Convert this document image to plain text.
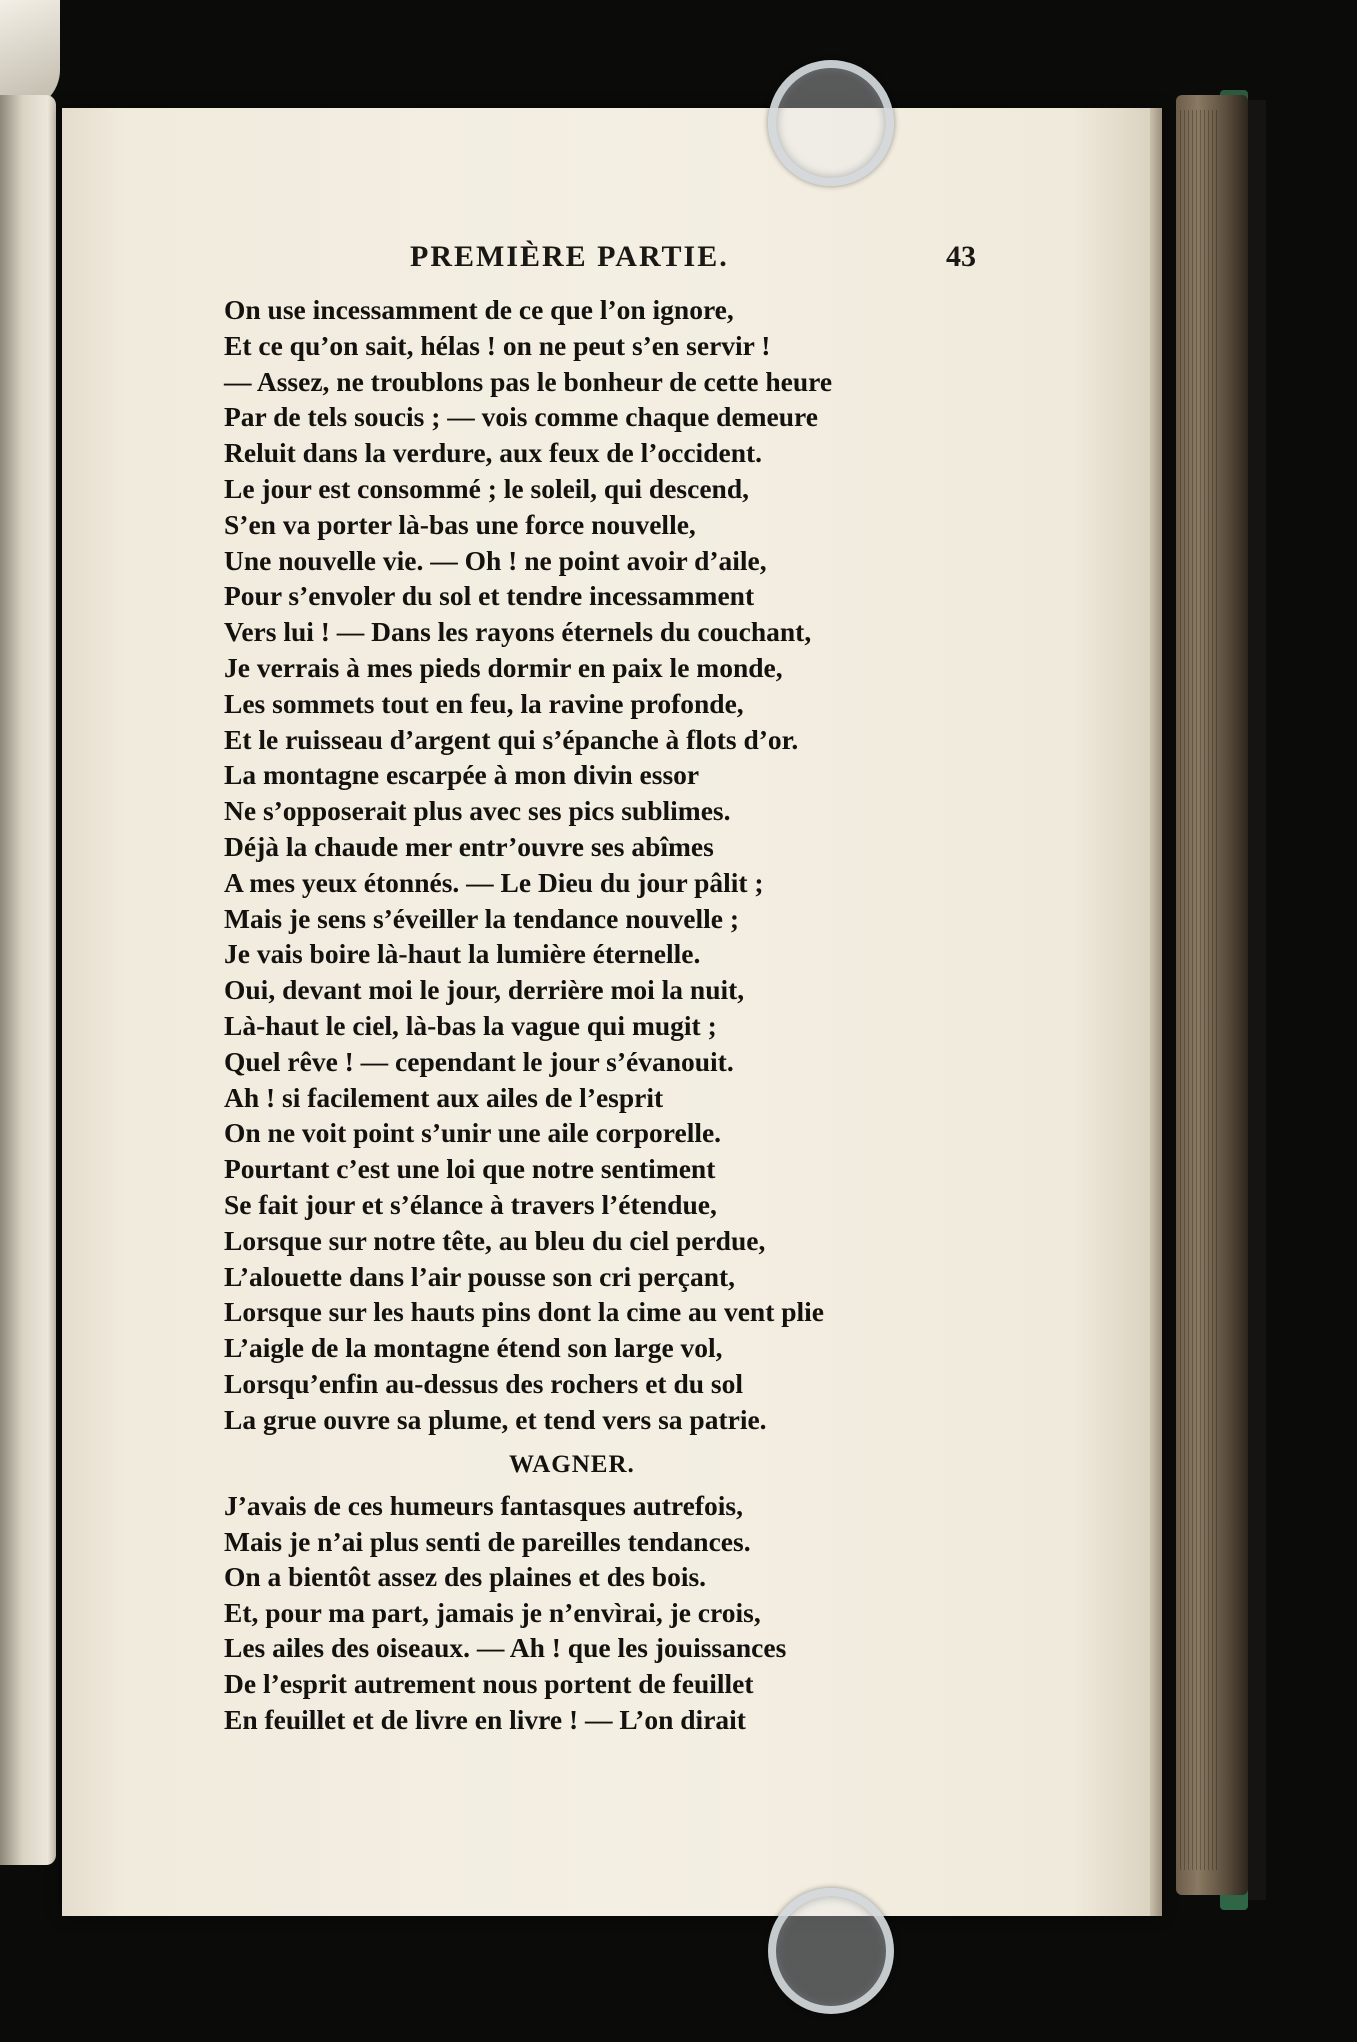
PREMIÈRE PARTIE.	43
On use incessamment de ce que l’on ignore,
Et ce qu’on sait, hélas ! on ne peut s’en servir !
— Assez, ne troublons pas le bonheur de cette heure
Par de tels soucis ; — vois comme chaque demeure
Reluit dans la verdure, aux feux de l’occident.
Le jour est consommé ; le soleil, qui descend,
S’en va porter là-bas une force nouvelle,
Une nouvelle vie. — Oh ! ne point avoir d’aile,
Pour s’envoler du sol et tendre incessamment
Vers lui ! — Dans les rayons éternels du couchant,
Je verrais à mes pieds dormir en paix le monde,
Les sommets tout en feu, la ravine profonde,
Et le ruisseau d’argent qui s’épanche à flots d’or.
La montagne escarpée à mon divin essor
Ne s’opposerait plus avec ses pics sublimes.
Déjà la chaude mer entr’ouvre ses abîmes
A mes yeux étonnés. — Le Dieu du jour pâlit ;
Mais je sens s’éveiller la tendance nouvelle ;
Je vais boire là-haut la lumière éternelle.
Oui, devant moi le jour, derrière moi la nuit,
Là-haut le ciel, là-bas la vague qui mugit ;
Quel rêve ! — cependant le jour s’évanouit.
Ah ! si facilement aux ailes de l’esprit
On ne voit point s’unir une aile corporelle.
Pourtant c’est une loi que notre sentiment
Se fait jour et s’élance à travers l’étendue,
Lorsque sur notre tête, au bleu du ciel perdue,
L’alouette dans l’air pousse son cri perçant,
Lorsque sur les hauts pins dont la cime au vent plie
L’aigle de la montagne étend son large vol,
Lorsqu’enfin au-dessus des rochers et du sol
La grue ouvre sa plume, et tend vers sa patrie.
WAGNER.
J’avais de ces humeurs fantasques autrefois,
Mais je n’ai plus senti de pareilles tendances.
On a bientôt assez des plaines et des bois.
Et, pour ma part, jamais je n’envìrai, je crois,
Les ailes des oiseaux. — Ah ! que les jouissances
De l’esprit autrement nous portent de feuillet
En feuillet et de livre en livre ! — L’on dirait
